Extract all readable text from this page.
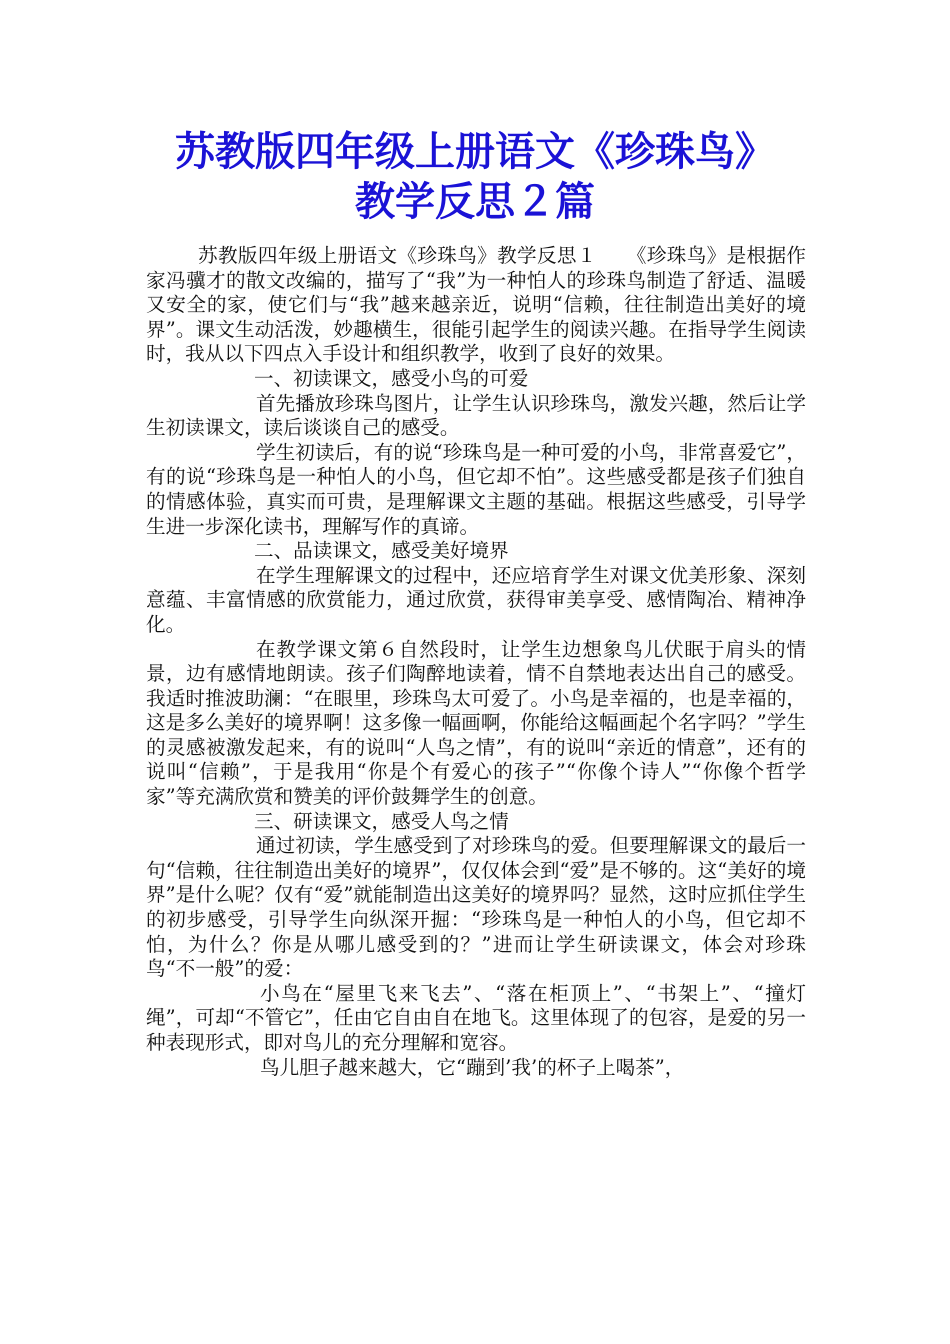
苏教版四年级上册语文《珍珠鸟》
教学反思２篇

苏教版四年级上册语文《珍珠鸟》教学反思１　　《珍珠鸟》是根据作家冯骥才的散文改编的，描写了“我”为一种怕人的珍珠鸟制造了舒适、温暖又安全的家，使它们与“我”越来越亲近，说明“信赖，往往制造出美好的境界”。课文生动活泼，妙趣横生，很能引起学生的阅读兴趣。在指导学生阅读时，我从以下四点入手设计和组织教学，收到了良好的效果。

一、初读课文，感受小鸟的可爱

首先播放珍珠鸟图片，让学生认识珍珠鸟，激发兴趣，然后让学生初读课文，读后谈谈自己的感受。

学生初读后，有的说“珍珠鸟是一种可爱的小鸟，非常喜爱它”，有的说“珍珠鸟是一种怕人的小鸟，但它却不怕”。这些感受都是孩子们独自的情感体验，真实而可贵，是理解课文主题的基础。根据这些感受，引导学生进一步深化读书，理解写作的真谛。

二、品读课文，感受美好境界

在学生理解课文的过程中，还应培育学生对课文优美形象、深刻意蕴、丰富情感的欣赏能力，通过欣赏，获得审美享受、感情陶冶、精神净化。

在教学课文第６自然段时，让学生边想象鸟儿伏眠于肩头的情景，边有感情地朗读。孩子们陶醉地读着，情不自禁地表达出自己的感受。我适时推波助澜：“在眼里，珍珠鸟太可爱了。小鸟是幸福的，也是幸福的，这是多么美好的境界啊！这多像一幅画啊，你能给这幅画起个名字吗？”学生的灵感被激发起来，有的说叫“人鸟之情”，有的说叫“亲近的情意”，还有的说叫“信赖”，于是我用“你是个有爱心的孩子”“你像个诗人”“你像个哲学家”等充满欣赏和赞美的评价鼓舞学生的创意。

三、研读课文，感受人鸟之情

通过初读，学生感受到了对珍珠鸟的爱。但要理解课文的最后一句“信赖，往往制造出美好的境界”，仅仅体会到“爱”是不够的。这“美好的境界”是什么呢？仅有“爱”就能制造出这美好的境界吗？显然，这时应抓住学生的初步感受，引导学生向纵深开掘：“珍珠鸟是一种怕人的小鸟，但它却不怕，为什么？你是从哪儿感受到的？”进而让学生研读课文，体会对珍珠鸟“不一般”的爱：

小鸟在“屋里飞来飞去”、“落在柜顶上”、“书架上”、“撞灯绳”，可却“不管它”，任由它自由自在地飞。这里体现了的包容，是爱的另一种表现形式，即对鸟儿的充分理解和宽容。

鸟儿胆子越来越大，它“蹦到’我’的杯子上喝茶”，
